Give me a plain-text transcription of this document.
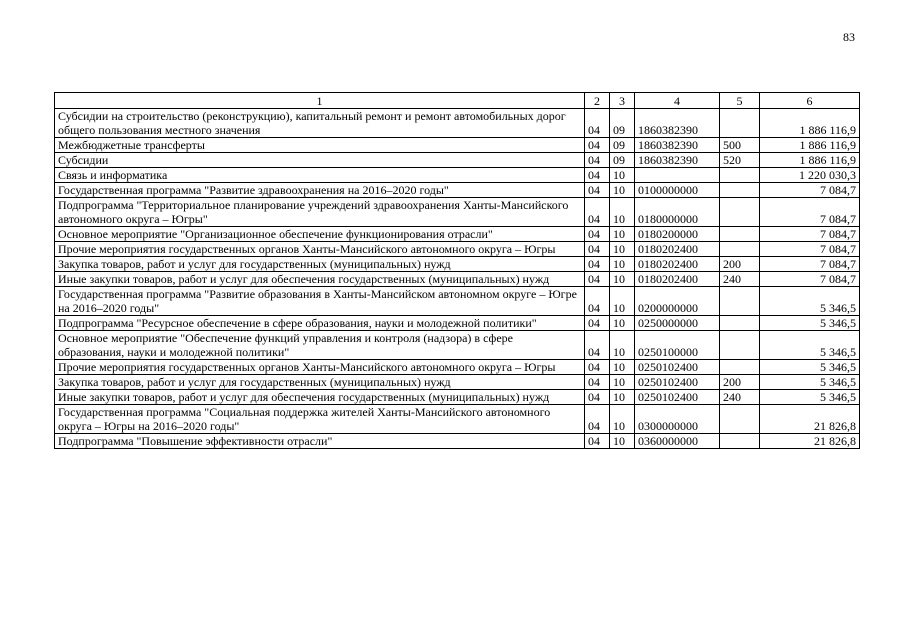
83
1	2	3	4	5	6
Субсидии на строительство (реконструкцию), капитальный ремонт и ремонт автомобильных дорог общего пользования местного значения	04	09	1860382390		1 886 116,9
Межбюджетные трансферты	04	09	1860382390	500	1 886 116,9
Субсидии	04	09	1860382390	520	1 886 116,9
Связь и информатика	04	10			1 220 030,3
Государственная программа "Развитие здравоохранения на 2016–2020 годы"	04	10	0100000000		7 084,7
Подпрограмма "Территориальное планирование учреждений здравоохранения Ханты-Мансийского автономного округа – Югры"	04	10	0180000000		7 084,7
Основное мероприятие "Организационное обеспечение функционирования отрасли"	04	10	0180200000		7 084,7
Прочие мероприятия государственных органов Ханты-Мансийского автономного округа – Югры	04	10	0180202400		7 084,7
Закупка товаров, работ и услуг для государственных (муниципальных) нужд	04	10	0180202400	200	7 084,7
Иные закупки товаров, работ и услуг для обеспечения государственных (муниципальных) нужд	04	10	0180202400	240	7 084,7
Государственная программа "Развитие образования в Ханты-Мансийском автономном округе – Югре на 2016–2020 годы"	04	10	0200000000		5 346,5
Подпрограмма "Ресурсное обеспечение в сфере образования, науки и молодежной политики"	04	10	0250000000		5 346,5
Основное мероприятие "Обеспечение функций управления и контроля (надзора) в сфере образования, науки и молодежной политики"	04	10	0250100000		5 346,5
Прочие мероприятия государственных органов Ханты-Мансийского автономного округа – Югры	04	10	0250102400		5 346,5
Закупка товаров, работ и услуг для государственных (муниципальных) нужд	04	10	0250102400	200	5 346,5
Иные закупки товаров, работ и услуг для обеспечения государственных (муниципальных) нужд	04	10	0250102400	240	5 346,5
Государственная программа "Социальная поддержка жителей Ханты-Мансийского автономного округа – Югры на 2016–2020 годы"	04	10	0300000000		21 826,8
Подпрограмма "Повышение эффективности отрасли"	04	10	0360000000		21 826,8
